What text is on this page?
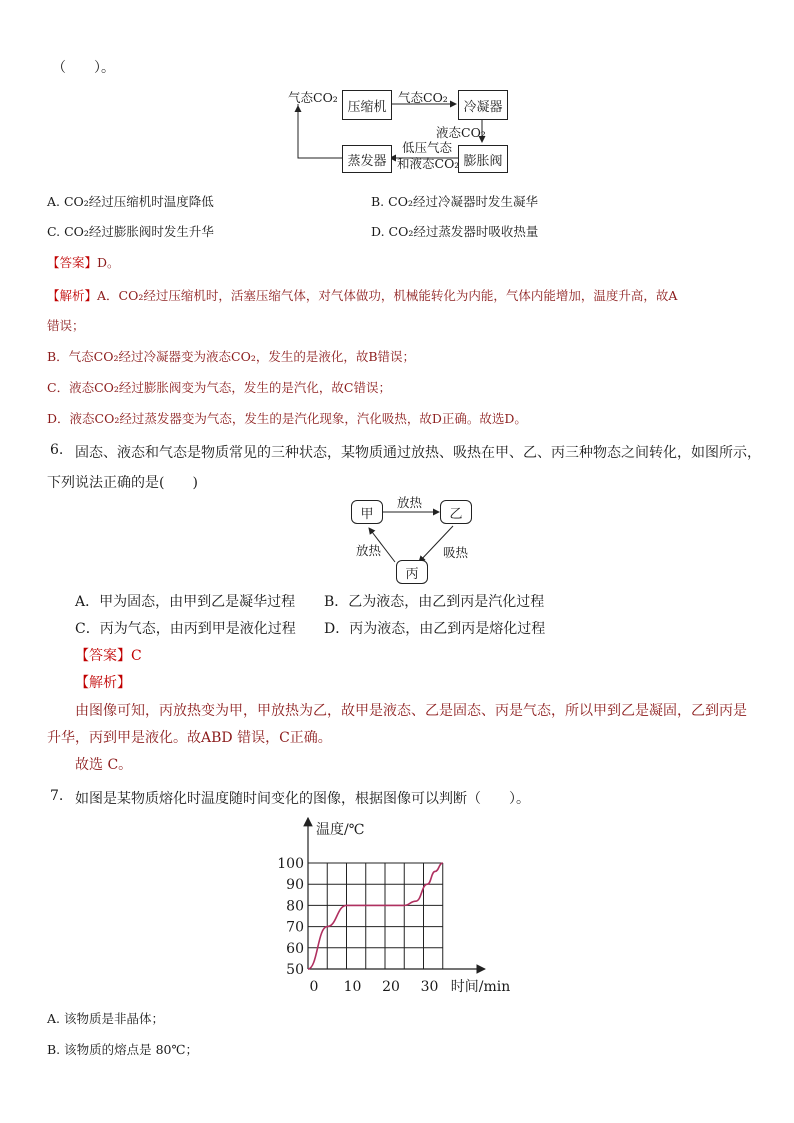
（　　）。
压缩机	冷凝器
膨胀阀
蒸发器
气态CO₂	气态CO₂
液态CO₂
低压气态
和液态CO₂
A. CO₂经过压缩机时温度降低	B. CO₂经过冷凝器时发生凝华
C. CO₂经过膨胀阀时发生升华	D. CO₂经过蒸发器时吸收热量
【答案】D。
【解析】A．CO₂经过压缩机时，活塞压缩气体，对气体做功，机械能转化为内能，气体内能增加，温度升高，故A
错误；
B．气态CO₂经过冷凝器变为液态CO₂，发生的是液化，故B错误；
C．液态CO₂经过膨胀阀变为气态，发生的是汽化，故C错误；
D．液态CO₂经过蒸发器变为气态，发生的是汽化现象，汽化吸热，故D正确。故选D。
6. 固态、液态和气态是物质常见的三种状态，某物质通过放热、吸热在甲、乙、丙三种物态之间转化，如图所示，
下列说法正确的是(　　)
甲	乙
丙
放热
吸热
放热
A．甲为固态，由甲到乙是凝华过程 B．乙为液态，由乙到丙是汽化过程
C．丙为气态，由丙到甲是液化过程 D．丙为液态，由乙到丙是熔化过程
【答案】C
【解析】
由图像可知，丙放热变为甲，甲放热为乙，故甲是液态、乙是固态、丙是气态，所以甲到乙是凝固，乙到丙是
升华，丙到甲是液化。故ABD 错误，C正确。
故选 C。
7. 如图是某物质熔化时温度随时间变化的图像，根据图像可以判断（　　）。
50
60
70
80
90
100
0 10 20 30
温度/℃
时间/min
A. 该物质是非晶体；
B. 该物质的熔点是 80℃；
